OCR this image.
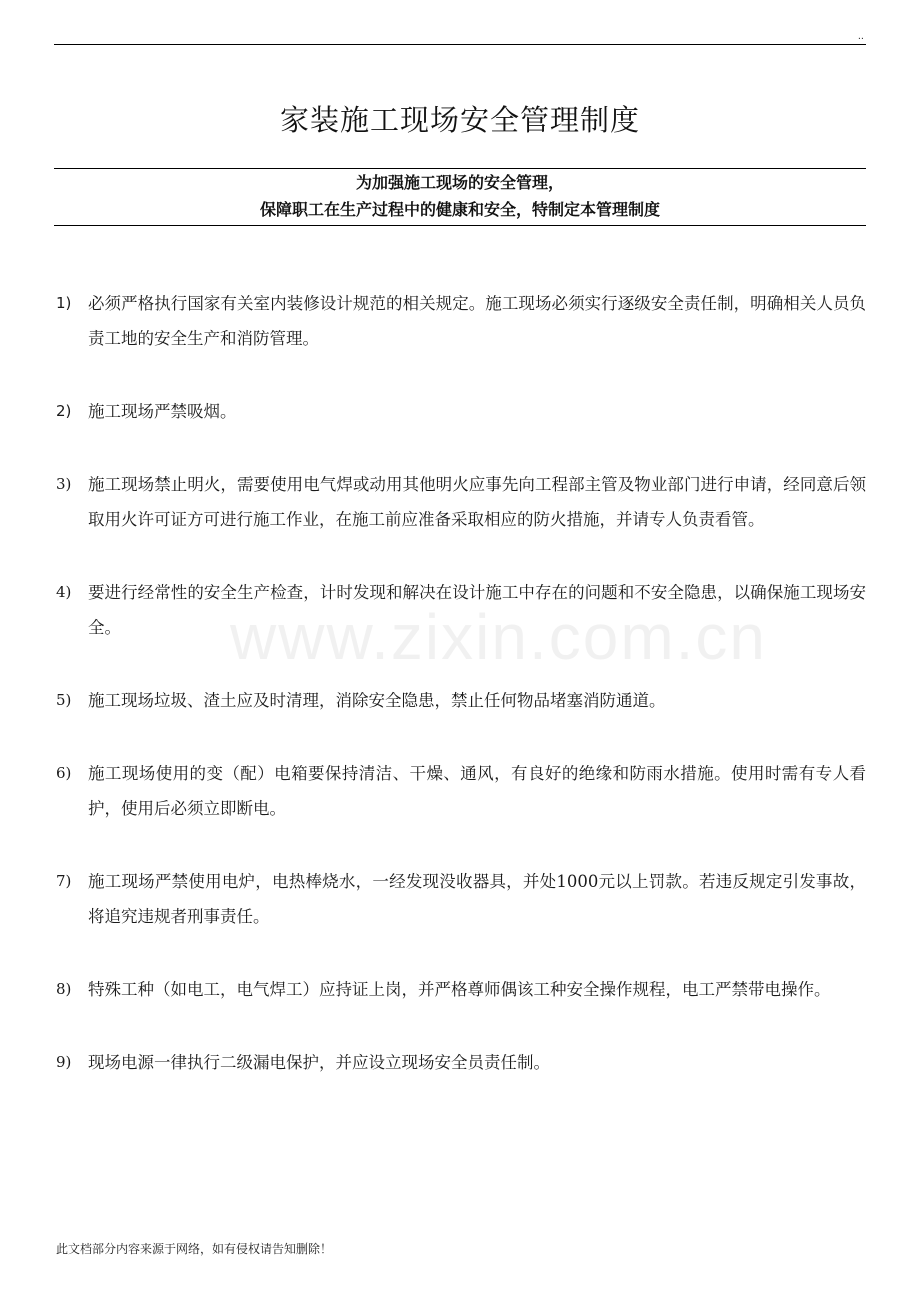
..
家装施工现场安全管理制度
为加强施工现场的安全管理，
保障职工在生产过程中的健康和安全，特制定本管理制度
www.zixin.com.cn
1) 必须严格执行国家有关室内装修设计规范的相关规定。施工现场必须实行逐级安全责任制，明确相关人员负责工地的安全生产和消防管理。
2) 施工现场严禁吸烟。
3) 施工现场禁止明火，需要使用电气焊或动用其他明火应事先向工程部主管及物业部门进行申请，经同意后领取用火许可证方可进行施工作业，在施工前应准备采取相应的防火措施，并请专人负责看管。
4) 要进行经常性的安全生产检查，计时发现和解决在设计施工中存在的问题和不安全隐患，以确保施工现场安全。
5) 施工现场垃圾、渣土应及时清理，消除安全隐患，禁止任何物品堵塞消防通道。
6) 施工现场使用的变（配）电箱要保持清洁、干燥、通风，有良好的绝缘和防雨水措施。使用时需有专人看护，使用后必须立即断电。
7) 施工现场严禁使用电炉，电热棒烧水，一经发现没收器具，并处1000元以上罚款。若违反规定引发事故，将追究违规者刑事责任。
8) 特殊工种（如电工，电气焊工）应持证上岗，并严格尊师偶该工种安全操作规程，电工严禁带电操作。
9) 现场电源一律执行二级漏电保护，并应设立现场安全员责任制。
此文档部分内容来源于网络，如有侵权请告知删除！
